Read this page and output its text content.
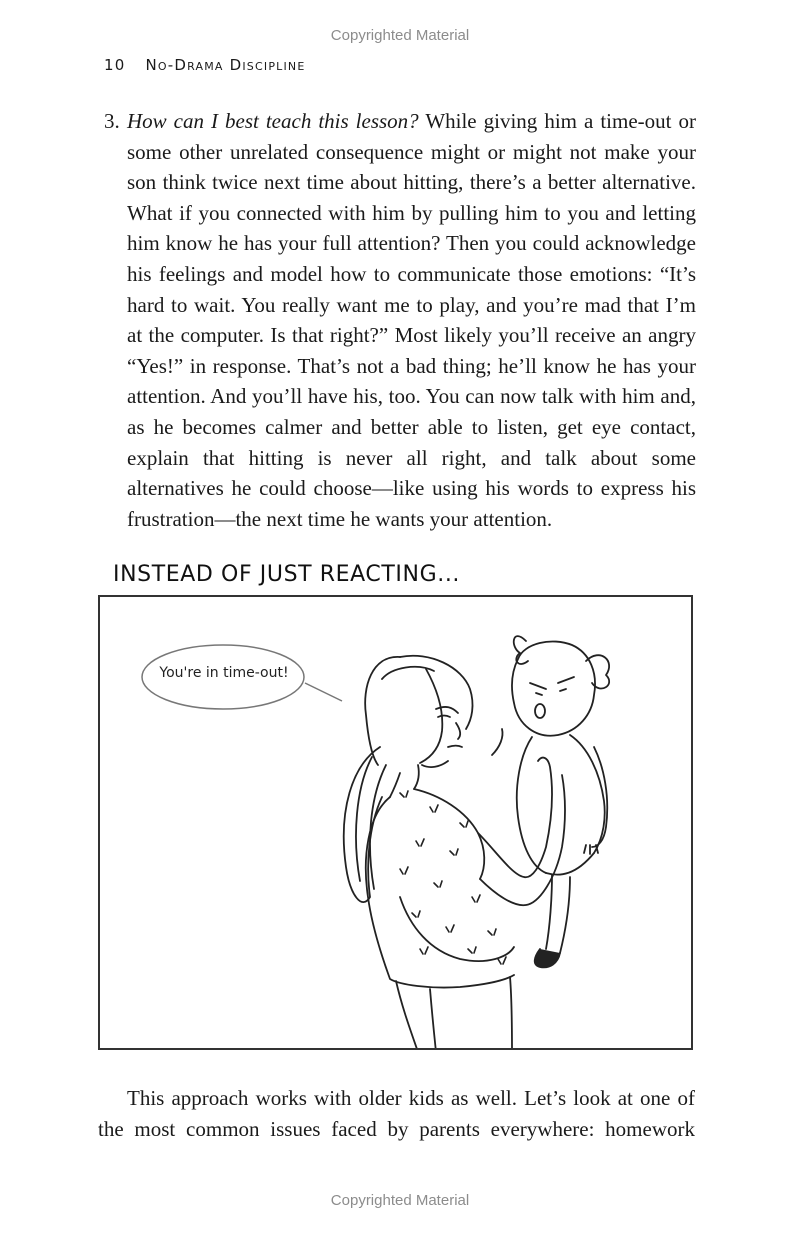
Copyrighted Material
10 No-Drama Discipline
3. How can I best teach this lesson? While giving him a time-out or some other unrelated consequence might or might not make your son think twice next time about hitting, there’s a better alternative. What if you connected with him by pulling him to you and letting him know he has your full attention? Then you could acknowledge his feelings and model how to communicate those emotions: “It’s hard to wait. You really want me to play, and you’re mad that I’m at the computer. Is that right?” Most likely you’ll receive an angry “Yes!” in response. That’s not a bad thing; he’ll know he has your attention. And you’ll have his, too. You can now talk with him and, as he becomes calmer and better able to listen, get eye contact, explain that hitting is never all right, and talk about some alternatives he could choose—like using his words to express his frustration—the next time he wants your attention.

INSTEAD OF JUST REACTING...
You're in time-out!

This approach works with older kids as well. Let’s look at one of the most common issues faced by parents everywhere: homework

Copyrighted Material
